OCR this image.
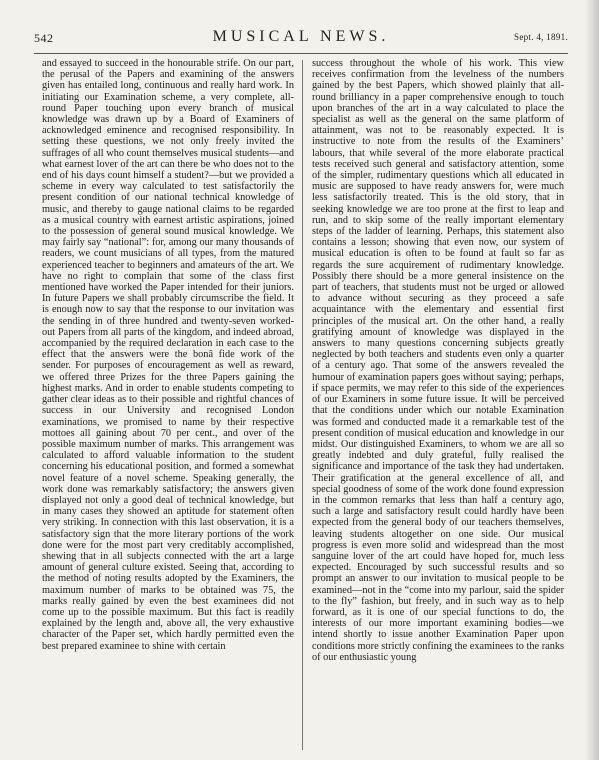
542	MUSICAL NEWS.	Sept. 4, 1891.

and essayed to succeed in the honourable strife. On our part, the perusal of the Papers and examining of the answers given has entailed long, continuous and really hard work. In initiating our Examination scheme, a very complete, all-round Paper touching upon every branch of musical knowledge was drawn up by a Board of Examiners of acknowledged eminence and recognised responsibility. In setting these questions, we not only freely invited the suffrages of all who count themselves musical students—and what earnest lover of the art can there be who does not to the end of his days count himself a student?—but we provided a scheme in every way calculated to test satisfactorily the present condition of our national technical knowledge of music, and thereby to gauge national claims to be regarded as a musical country with earnest artistic aspirations, joined to the possession of general sound musical knowledge. We may fairly say “national”: for, among our many thousands of readers, we count musicians of all types, from the matured experienced teacher to beginners and amateurs of the art. We have no right to complain that some of the class first mentioned have worked the Paper intended for their juniors. In future Papers we shall probably circumscribe the field. It is enough now to say that the response to our invitation was the sending in of three hundred and twenty-seven worked-out Papers from all parts of the kingdom, and indeed abroad, accompanied by the required declaration in each case to the effect that the answers were the bonâ fide work of the sender. For purposes of encouragement as well as reward, we offered three Prizes for the three Papers gaining the highest marks. And in order to enable students competing to gather clear ideas as to their possible and rightful chances of success in our University and recognised London examinations, we promised to name by their respective mottoes all gaining about 70 per cent., and over of the possible maximum number of marks. This arrangement was calculated to afford valuable information to the student concerning his educational position, and formed a somewhat novel feature of a novel scheme. Speaking generally, the work done was remarkably satisfactory; the answers given displayed not only a good deal of technical knowledge, but in many cases they showed an aptitude for statement often very striking. In connection with this last observation, it is a satisfactory sign that the more literary portions of the work done were for the most part very creditably accomplished, shewing that in all subjects connected with the art a large amount of general culture existed. Seeing that, according to the method of noting results adopted by the Examiners, the maximum number of marks to be obtained was 75, the marks really gained by even the best examinees did not come up to the possible maximum. But this fact is readily explained by the length and, above all, the very exhaustive character of the Paper set, which hardly permitted even the best prepared examinee to shine with certain

success throughout the whole of his work. This view receives confirmation from the levelness of the numbers gained by the best Papers, which showed plainly that all-round brilliancy in a paper comprehensive enough to touch upon branches of the art in a way calculated to place the specialist as well as the general on the same platform of attainment, was not to be reasonably expected. It is instructive to note from the results of the Examiners’ labours, that while several of the more elaborate practical tests received such general and satisfactory attention, some of the simpler, rudimentary questions which all educated in music are supposed to have ready answers for, were much less satisfactorily treated. This is the old story, that in seeking knowledge we are too prone at the first to leap and run, and to skip some of the really important elementary steps of the ladder of learning. Perhaps, this statement also contains a lesson; showing that even now, our system of musical education is often to be found at fault so far as regards the sure acquirement of rudimentary knowledge. Possibly there should be a more general insistence on the part of teachers, that students must not be urged or allowed to advance without securing as they proceed a safe acquaintance with the elementary and essential first principles of the musical art. On the other hand, a really gratifying amount of knowledge was displayed in the answers to many questions concerning subjects greatly neglected by both teachers and students even only a quarter of a century ago. That some of the answers revealed the humour of examination papers goes without saying; perhaps, if space permits, we may refer to this side of the experiences of our Examiners in some future issue. It will be perceived that the conditions under which our notable Examination was formed and conducted made it a remarkable test of the present condition of musical education and knowledge in our midst. Our distinguished Examiners, to whom we are all so greatly indebted and duly grateful, fully realised the significance and importance of the task they had undertaken. Their gratification at the general excellence of all, and special goodness of some of the work done found expression in the common remarks that less than half a century ago, such a large and satisfactory result could hardly have been expected from the general body of our teachers themselves, leaving students altogether on one side. Our musical progress is even more solid and widespread than the most sanguine lover of the art could have hoped for, much less expected. Encouraged by such successful results and so prompt an answer to our invitation to musical people to be examined—not in the “come into my parlour, said the spider to the fly” fashion, but freely, and in such way as to help forward, as it is one of our special functions to do, the interests of our more important examining bodies—we intend shortly to issue another Examination Paper upon conditions more strictly confining the examinees to the ranks of our enthusiastic young
